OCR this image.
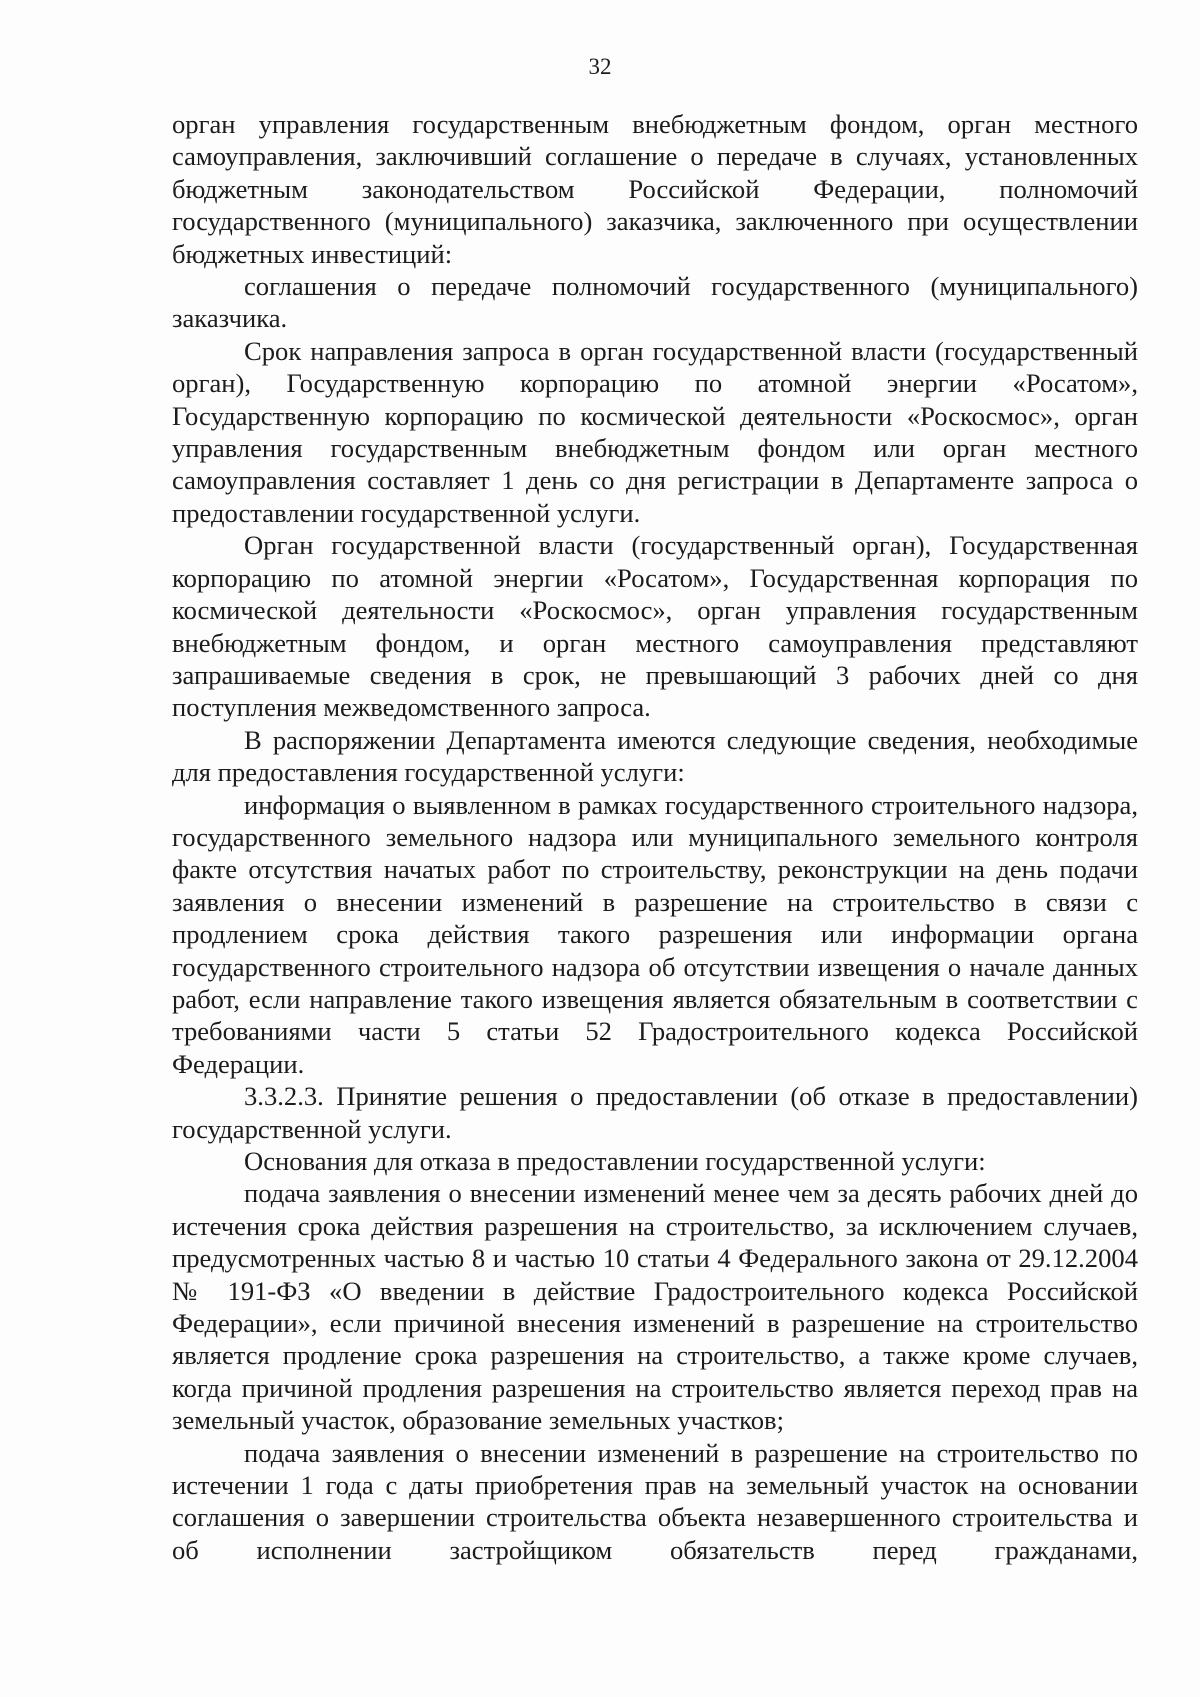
32

орган управления государственным внебюджетным фондом, орган местного самоуправления, заключивший соглашение о передаче в случаях, установленных бюджетным законодательством Российской Федерации, полномочий государственного (муниципального) заказчика, заключенного при осуществлении бюджетных инвестиций:

соглашения о передаче полномочий государственного (муниципального) заказчика.

Срок направления запроса в орган государственной власти (государственный орган), Государственную корпорацию по атомной энергии «Росатом», Государственную корпорацию по космической деятельности «Роскосмос», орган управления государственным внебюджетным фондом или орган местного самоуправления составляет 1 день со дня регистрации в Департаменте запроса о предоставлении государственной услуги.

Орган государственной власти (государственный орган), Государственная корпорацию по атомной энергии «Росатом», Государственная корпорация по космической деятельности «Роскосмос», орган управления государственным внебюджетным фондом, и орган местного самоуправления представляют запрашиваемые сведения в срок, не превышающий 3 рабочих дней со дня поступления межведомственного запроса.

В распоряжении Департамента имеются следующие сведения, необходимые для предоставления государственной услуги:

информация о выявленном в рамках государственного строительного надзора, государственного земельного надзора или муниципального земельного контроля факте отсутствия начатых работ по строительству, реконструкции на день подачи заявления о внесении изменений в разрешение на строительство в связи с продлением срока действия такого разрешения или информации органа государственного строительного надзора об отсутствии извещения о начале данных работ, если направление такого извещения является обязательным в соответствии с требованиями части 5 статьи 52 Градостроительного кодекса Российской Федерации.

3.3.2.3. Принятие решения о предоставлении (об отказе в предоставлении) государственной услуги.

Основания для отказа в предоставлении государственной услуги:

подача заявления о внесении изменений менее чем за десять рабочих дней до истечения срока действия разрешения на строительство, за исключением случаев, предусмотренных частью 8 и частью 10 статьи 4 Федерального закона от 29.12.2004 № 191-ФЗ «О введении в действие Градостроительного кодекса Российской Федерации», если причиной внесения изменений в разрешение на строительство является продление срока разрешения на строительство, а также кроме случаев, когда причиной продления разрешения на строительство является переход прав на земельный участок, образование земельных участков;

подача заявления о внесении изменений в разрешение на строительство по истечении 1 года с даты приобретения прав на земельный участок на основании соглашения о завершении строительства объекта незавершенного строительства и об исполнении застройщиком обязательств перед гражданами,
